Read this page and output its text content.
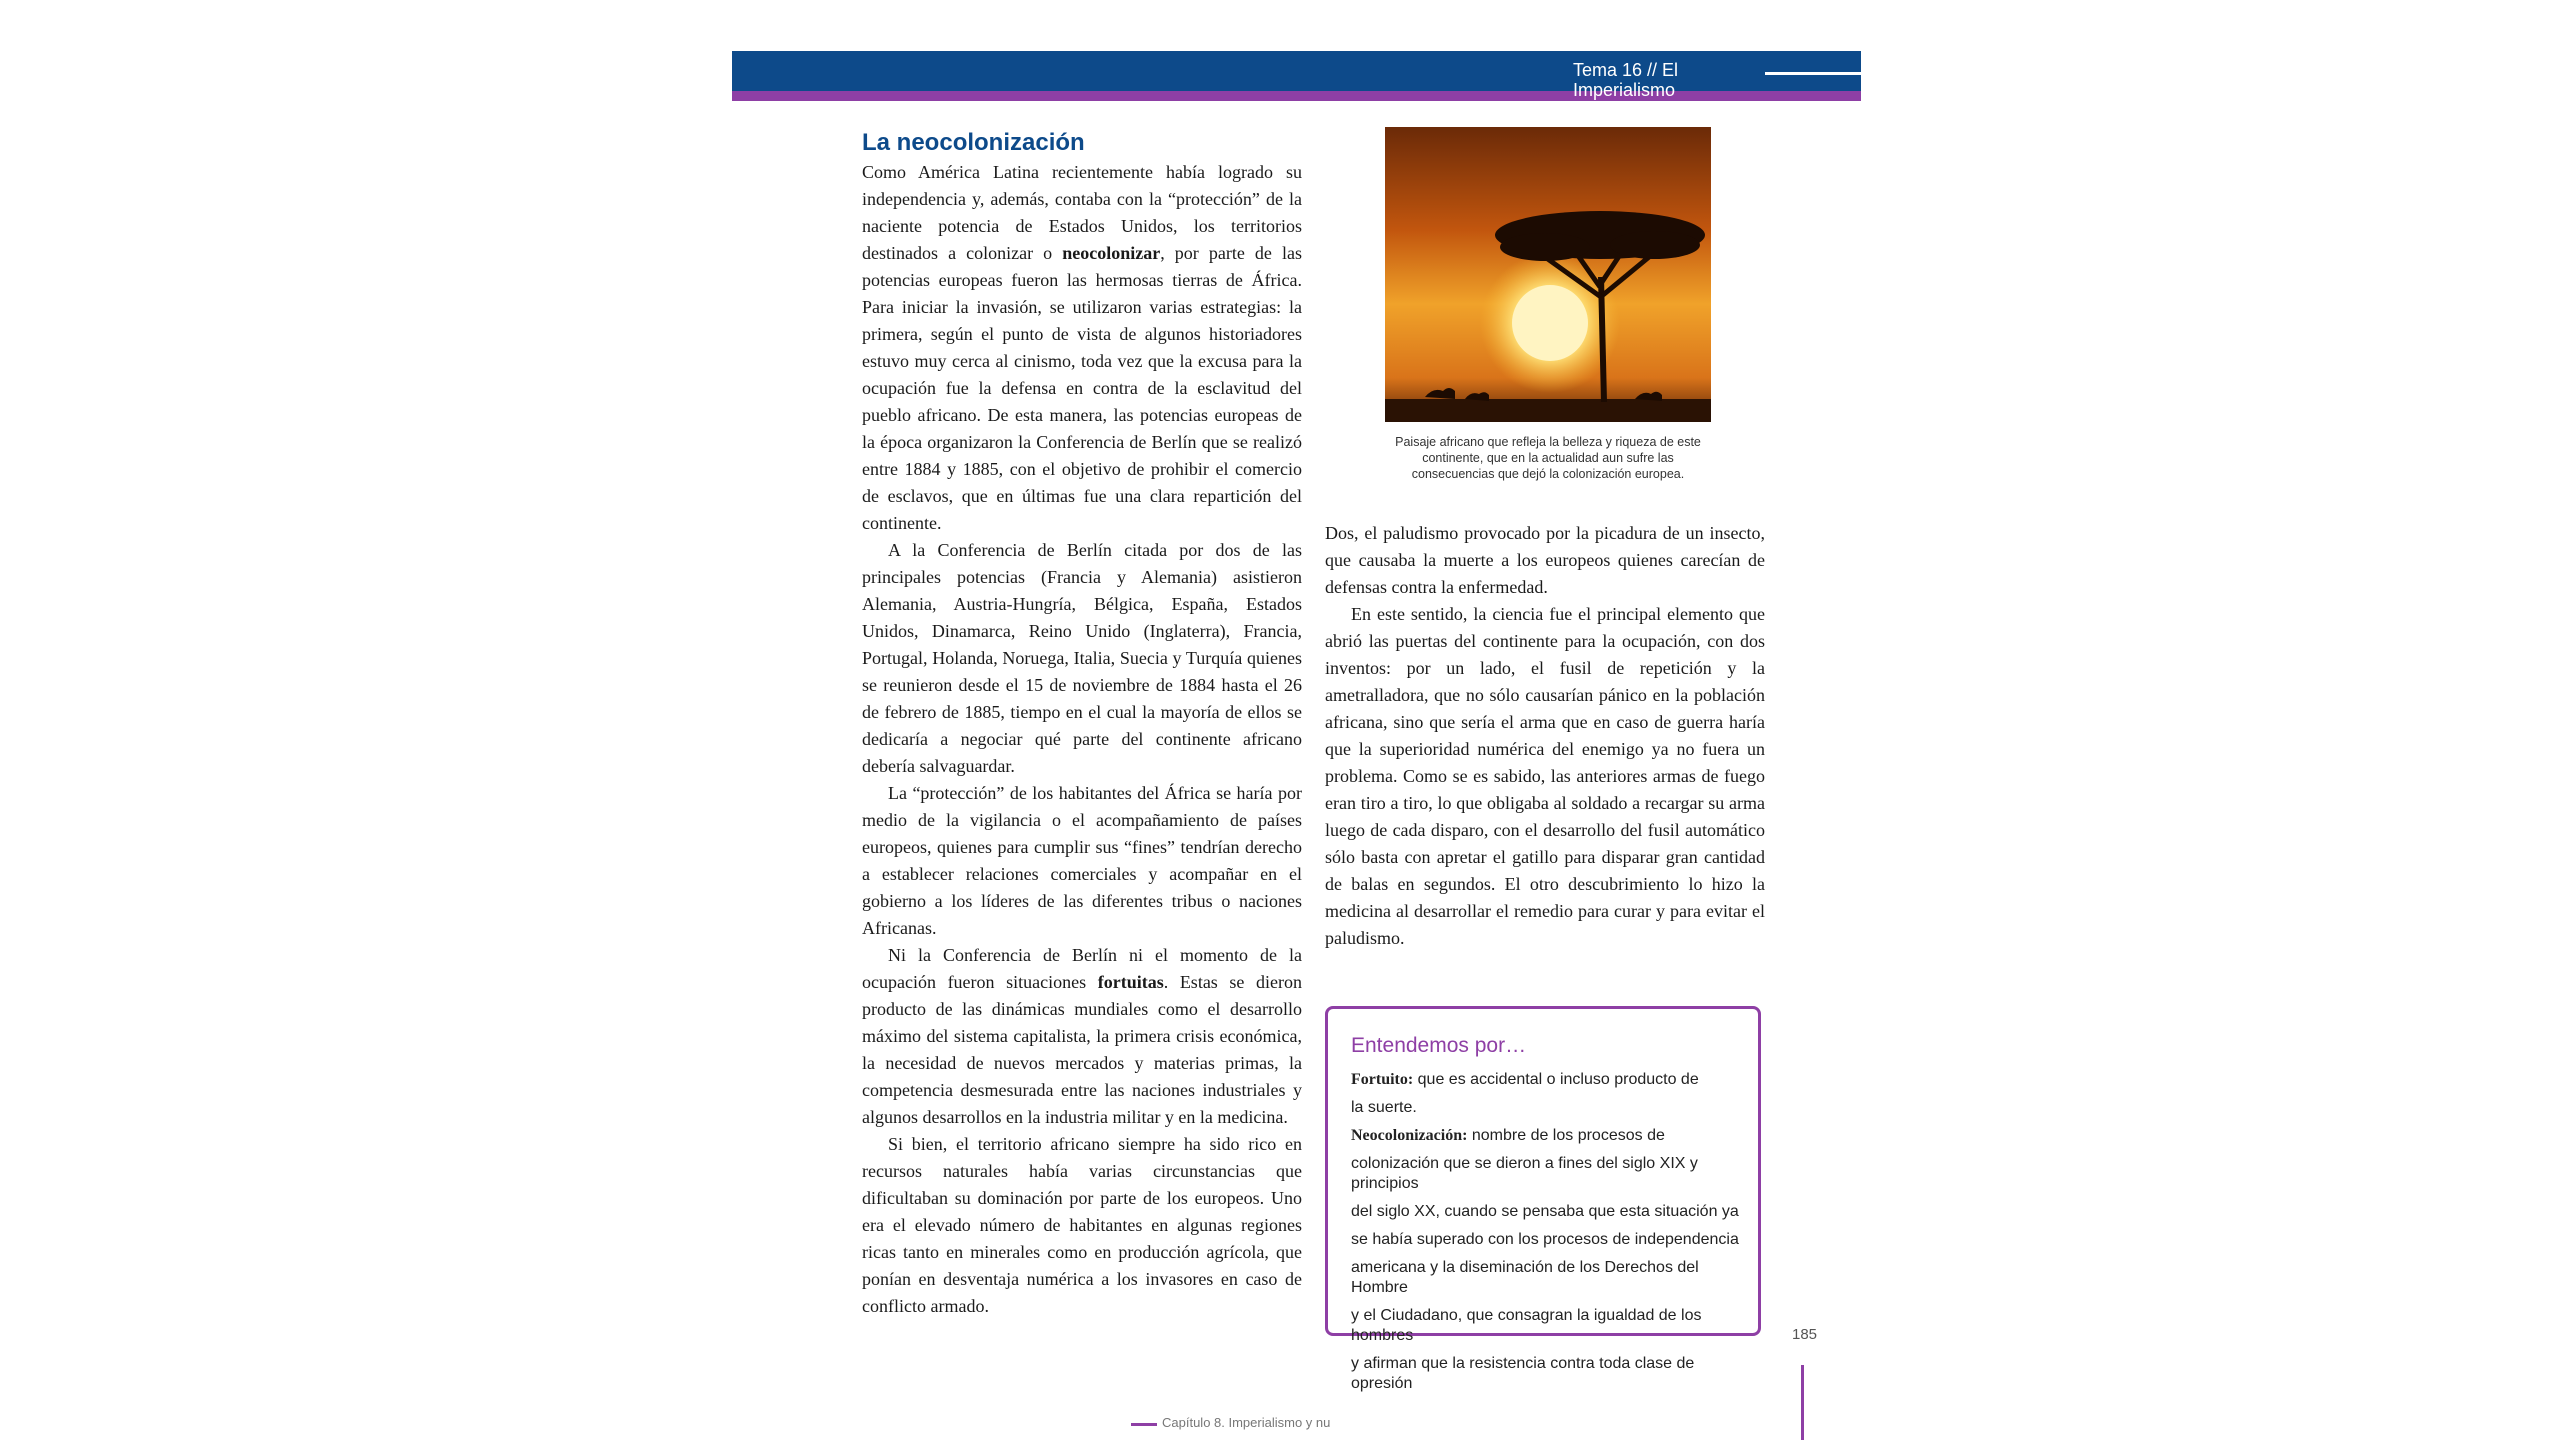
Tema 16 // El Imperialismo
La neocolonización

Como América Latina recientemente había logrado su independencia y, además, contaba con la “protección” de la naciente potencia de Estados Unidos, los territorios destinados a colonizar o neocolonizar, por parte de las potencias europeas fueron las hermosas tierras de África. Para iniciar la invasión, se utilizaron varias estrategias: la primera, según el punto de vista de algunos historiadores estuvo muy cerca al cinismo, toda vez que la excusa para la ocupación fue la defensa en contra de la esclavitud del pueblo africano. De esta manera, las potencias europeas de la época organizaron la Conferencia de Berlín que se realizó entre 1884 y 1885, con el objetivo de prohibir el comercio de esclavos, que en últimas fue una clara repartición del continente.

A la Conferencia de Berlín citada por dos de las principales potencias (Francia y Alemania) asistieron Alemania, Austria-Hungría, Bélgica, España, Estados Unidos, Dinamarca, Reino Unido (Inglaterra), Francia, Portugal, Holanda, Noruega, Italia, Suecia y Turquía quienes se reunieron desde el 15 de noviembre de 1884 hasta el 26 de febrero de 1885, tiempo en el cual la mayoría de ellos se dedicaría a negociar qué parte del continente africano debería salvaguardar.

La “protección” de los habitantes del África se haría por medio de la vigilancia o el acompañamiento de países europeos, quienes para cumplir sus “fines” tendrían derecho a establecer relaciones comerciales y acompañar en el gobierno a los líderes de las diferentes tribus o naciones Africanas.

Ni la Conferencia de Berlín ni el momento de la ocupación fueron situaciones fortuitas. Estas se dieron producto de las dinámicas mundiales como el desarrollo máximo del sistema capitalista, la primera crisis económica, la necesidad de nuevos mercados y materias primas, la competencia desmesurada entre las naciones industriales y algunos desarrollos en la industria militar y en la medicina.

Si bien, el territorio africano siempre ha sido rico en recursos naturales había varias circunstancias que dificultaban su dominación por parte de los europeos. Uno era el elevado número de habitantes en algunas regiones ricas tanto en minerales como en producción agrícola, que ponían en desventaja numérica a los invasores en caso de conflicto armado.

Paisaje africano que refleja la belleza y riqueza de este continente, que en la actualidad aun sufre las consecuencias que dejó la colonización europea.

Dos, el paludismo provocado por la picadura de un insecto, que causaba la muerte a los europeos quienes carecían de defensas contra la enfermedad.

En este sentido, la ciencia fue el principal elemento que abrió las puertas del continente para la ocupación, con dos inventos: por un lado, el fusil de repetición y la ametralladora, que no sólo causarían pánico en la población africana, sino que sería el arma que en caso de guerra haría que la superioridad numérica del enemigo ya no fuera un problema. Como se es sabido, las anteriores armas de fuego eran tiro a tiro, lo que obligaba al soldado a recargar su arma luego de cada disparo, con el desarrollo del fusil automático sólo basta con apretar el gatillo para disparar gran cantidad de balas en segundos. El otro descubrimiento lo hizo la medicina al desarrollar el remedio para curar y para evitar el paludismo.

Entendemos por…
Fortuito: que es accidental o incluso producto de
la suerte.
Neocolonización: nombre de los procesos de
colonización que se dieron a fines del siglo XIX y principios
del siglo XX, cuando se pensaba que esta situación ya
se había superado con los procesos de independencia
americana y la diseminación de los Derechos del Hombre
y el Ciudadano, que consagran la igualdad de los hombres
y afirman que la resistencia contra toda clase de opresión
185
Capítulo 8. Imperialismo y nu
